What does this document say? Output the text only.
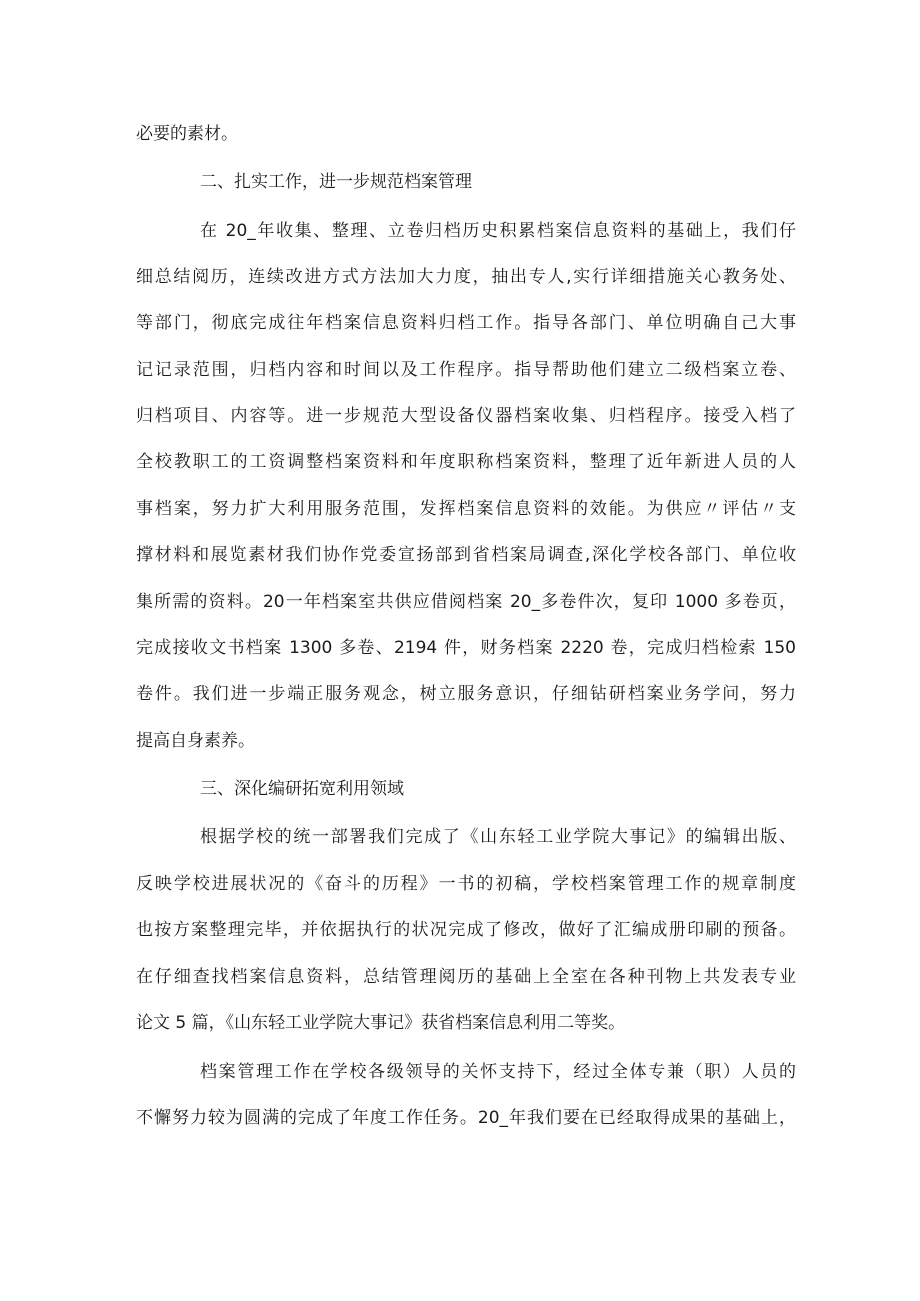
必要的素材。
二、扎实工作，进一步规范档案管理
在 20_年收集、整理、立卷归档历史积累档案信息资料的基础上，我们仔
细总结阅历，连续改进方式方法加大力度，抽出专人,实行详细措施关心教务处、
等部门，彻底完成往年档案信息资料归档工作。指导各部门、单位明确自己大事
记记录范围，归档内容和时间以及工作程序。指导帮助他们建立二级档案立卷、
归档项目、内容等。进一步规范大型设备仪器档案收集、归档程序。接受入档了
全校教职工的工资调整档案资料和年度职称档案资料，整理了近年新进人员的人
事档案，努力扩大利用服务范围，发挥档案信息资料的效能。为供应〃评估〃支
撑材料和展览素材我们协作党委宣扬部到省档案局调查,深化学校各部门、单位收
集所需的资料。20一年档案室共供应借阅档案 20_多卷件次，复印 1000 多卷页，
完成接收文书档案 1300 多卷、2194 件，财务档案 2220 卷，完成归档检索 150
卷件。我们进一步端正服务观念，树立服务意识，仔细钻研档案业务学问，努力
提高自身素养。
三、深化编研拓宽利用领域
根据学校的统一部署我们完成了《山东轻工业学院大事记》的编辑出版、
反映学校进展状况的《奋斗的历程》一书的初稿，学校档案管理工作的规章制度
也按方案整理完毕，并依据执行的状况完成了修改，做好了汇编成册印刷的预备。
在仔细查找档案信息资料，总结管理阅历的基础上全室在各种刊物上共发表专业
论文 5 篇，《山东轻工业学院大事记》获省档案信息利用二等奖。
档案管理工作在学校各级领导的关怀支持下，经过全体专兼（职）人员的
不懈努力较为圆满的完成了年度工作任务。20_年我们要在已经取得成果的基础上，
